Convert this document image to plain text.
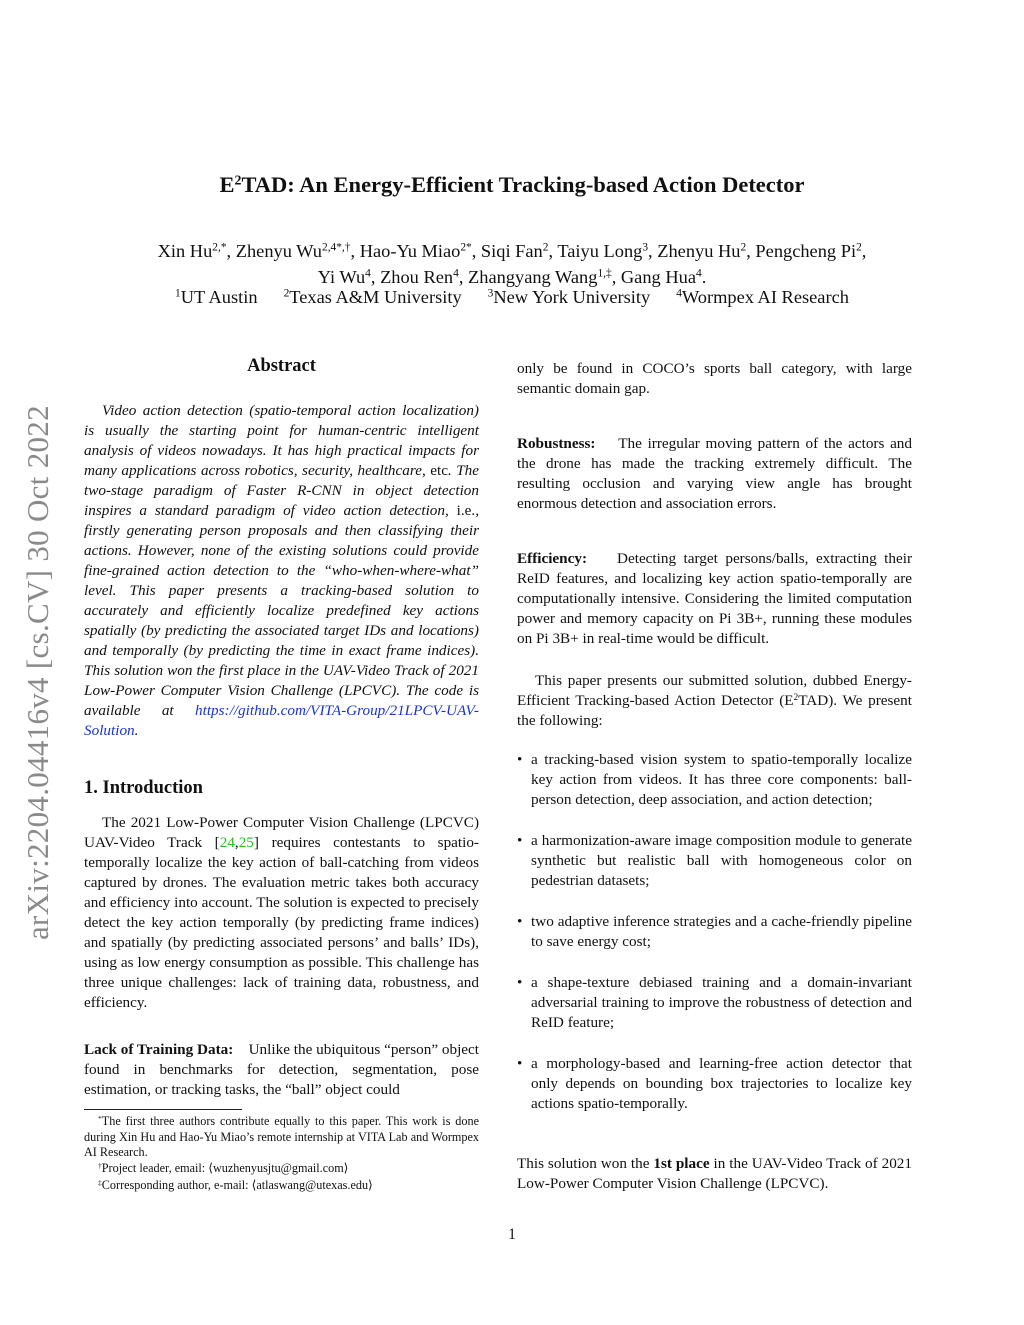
arXiv:2204.04416v4 [cs.CV] 30 Oct 2022
$E^2TAD$: An Energy-Efficient Tracking-based Action Detector
Xin $Hu^{2,*}$, Zhenyu $Wu^{2,4*,\dagger}$, Hao-Yu Miao$^{2*}$, Siqi Fan$^2$, Taiyu Long$^3$, Zhenyu Hu$^2$, Pengcheng Pi$^2$,
Yi Wu$^4$, Zhou Ren$^4$, Zhangyang Wang$^{1,\ddagger}$, Gang Hua$^4$.
$^1$UT Austin $^2$Texas A&M University $^3$New York University $^4$Wormpex AI Research
Abstract
Video action detection (spatio-temporal action localization) is usually the starting point for human-centric intelligent analysis of videos nowadays. It has high practical impacts for many applications across robotics, security, healthcare, etc. The two-stage paradigm of Faster R-CNN in object detection inspires a standard paradigm of video action detection, i.e., firstly generating person proposals and then classifying their actions. However, none of the existing solutions could provide fine-grained action detection to the “who-when-where-what” level. This paper presents a tracking-based solution to accurately and efficiently localize predefined key actions spatially (by predicting the associated target IDs and locations) and temporally (by predicting the time in exact frame indices). This solution won the first place in the UAV-Video Track of 2021 Low-Power Computer Vision Challenge (LPCVC). The code is available at https://github.com/VITA-Group/21LPCV-UAV-Solution.
1. Introduction
The 2021 Low-Power Computer Vision Challenge (LPCVC) UAV-Video Track [24,25] requires contestants to spatio-temporally localize the key action of ball-catching from videos captured by drones. The evaluation metric takes both accuracy and efficiency into account. The solution is expected to precisely detect the key action temporally (by predicting frame indices) and spatially (by predicting associated persons’ and balls’ IDs), using as low energy consumption as possible. This challenge has three unique challenges: lack of training data, robustness, and efficiency.
Lack of Training Data: Unlike the ubiquitous “person” object found in benchmarks for detection, segmentation, pose estimation, or tracking tasks, the “ball” object could
*The first three authors contribute equally to this paper. This work is done during Xin Hu and Hao-Yu Miao’s remote internship at VITA Lab and Wormpex AI Research.
†Project leader, email: ⟨wuzhenyusjtu@gmail.com⟩
‡Corresponding author, e-mail: ⟨atlaswang@utexas.edu⟩
only be found in COCO’s sports ball category, with large semantic domain gap.
Robustness: The irregular moving pattern of the actors and the drone has made the tracking extremely difficult. The resulting occlusion and varying view angle has brought enormous detection and association errors.
Efficiency: Detecting target persons/balls, extracting their ReID features, and localizing key action spatio-temporally are computationally intensive. Considering the limited computation power and memory capacity on Pi 3B+, running these modules on Pi 3B+ in real-time would be difficult.
This paper presents our submitted solution, dubbed Energy-Efficient Tracking-based Action Detector $(E^2TAD)$. We present the following:
• a tracking-based vision system to spatio-temporally localize key action from videos. It has three core components: ball-person detection, deep association, and action detection;
• a harmonization-aware image composition module to generate synthetic but realistic ball with homogeneous color on pedestrian datasets;
• two adaptive inference strategies and a cache-friendly pipeline to save energy cost;
• a shape-texture debiased training and a domain-invariant adversarial training to improve the robustness of detection and ReID feature;
• a morphology-based and learning-free action detector that only depends on bounding box trajectories to localize key actions spatio-temporally.
This solution won the 1st place in the UAV-Video Track of 2021 Low-Power Computer Vision Challenge (LPCVC).
1
